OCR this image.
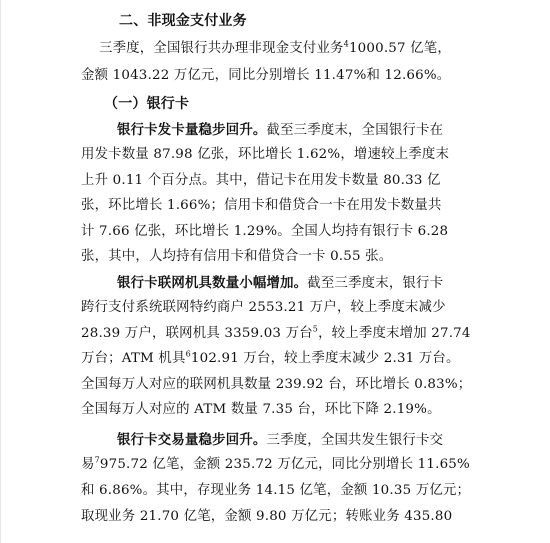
二、非现金支付业务
三季度，全国银行共办理非现金支付业务$^4$1000.57 亿笔，
金额 1043.22 万亿元，同比分别增长 11.47%和 12.66%。
（一）银行卡
银行卡发卡量稳步回升。截至三季度末，全国银行卡在
用发卡数量 87.98 亿张，环比增长 1.62%，增速较上季度末
上升 0.11 个百分点。其中，借记卡在用发卡数量 80.33 亿
张，环比增长 1.66%；信用卡和借贷合一卡在用发卡数量共
计 7.66 亿张，环比增长 1.29%。全国人均持有银行卡 6.28
张，其中，人均持有信用卡和借贷合一卡 0.55 张。
银行卡联网机具数量小幅增加。截至三季度末，银行卡
跨行支付系统联网特约商户 2553.21 万户，较上季度末减少
28.39 万户，联网机具 3359.03 万台$^5$，较上季度末增加 27.74
万台；ATM 机具$^6$102.91 万台，较上季度末减少 2.31 万台。
全国每万人对应的联网机具数量 239.92 台，环比增长 0.83%；
全国每万人对应的 ATM 数量 7.35 台，环比下降 2.19%。
银行卡交易量稳步回升。三季度，全国共发生银行卡交
易$^7$975.72 亿笔，金额 235.72 万亿元，同比分别增长 11.65%
和 6.86%。其中，存现业务 14.15 亿笔，金额 10.35 万亿元；
取现业务 21.70 亿笔，金额 9.80 万亿元；转账业务 435.80
